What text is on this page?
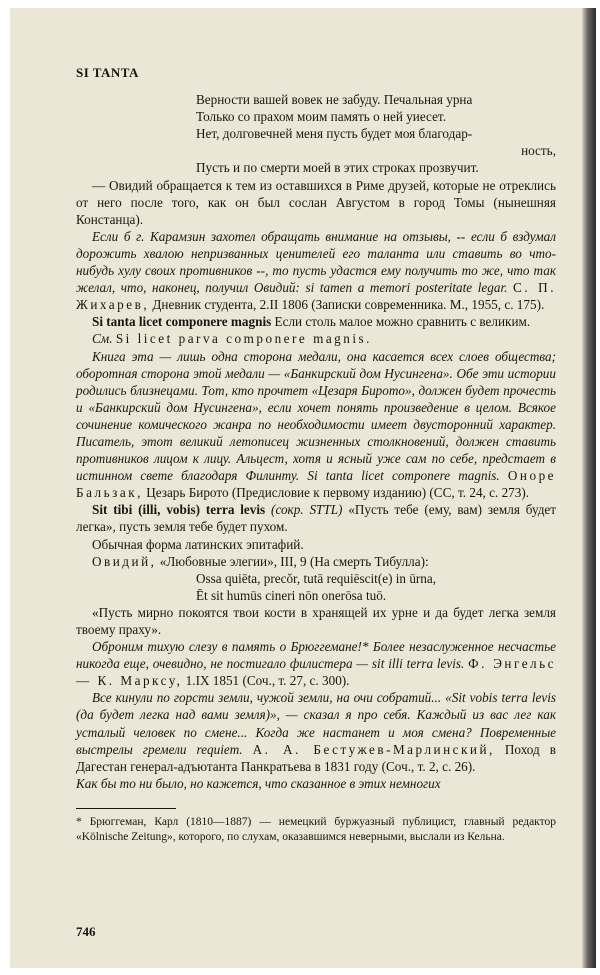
SI TANTA
Верности вашей вовек не забуду. Печальная урна
Только со прахом моим память о ней уиесет.
Нет, долговечней меня пусть будет моя благодар-
ность,
Пусть и по смерти моей в этих строках прозвучит.

— Овидий обращается к тем из оставшихся в Риме друзей, которые не отреклись от него после того, как он был сослан Августом в город Томы (нынешняя Констанца).

Если б г. Карамзин захотел обращать внимание на отзывы, -- если б вздумал дорожить хвалою непризванных ценителей его таланта или ставить во что-нибудь хулу своих противников --, то пусть удастся ему получить то же, что так желал, что, наконец, получил Овидий: si tamen a memori posteritate legar. С. П. Жихарев, Дневник студента, 2.II 1806 (Записки современника. М., 1955, с. 175).

Si tanta licet componere magnis Если столь малое можно сравнить с великим.

См. Si licet parva componere magnis.

Книга эта — лишь одна сторона медали, она касается всех слоев общества; оборотная сторона этой медали — «Банкирский дом Нусингена». Обе эти истории родились близнецами. Тот, кто прочтет «Цезаря Бирото», должен будет прочесть и «Банкирский дом Нусингена», если хочет понять произведение в целом. Всякое сочинение комического жанра по необходимости имеет двусторонний характер. Писатель, этот великий летописец жизненных столкновений, должен ставить противников лицом к лицу. Альцест, хотя и ясный уже сам по себе, предстает в истинном свете благодаря Филинту. Si tanta licet componere magnis. Оноре Бальзак, Цезарь Бирото (Предисловие к первому изданию) (СС, т. 24, с. 273).

Sit tibi (illi, vobis) terra levis (сокр. STTL) «Пусть тебе (ему, вам) земля будет легка», пусть земля тебе будет пухом.

Обычная форма латинских эпитафий.

Овидий, «Любовные элегии», III, 9 (На смерть Тибулла):

Ossa quiēta, precŏr, tutā requiēscit(e) in ūrna,
Ēt sit humūs cineri nōn onerōsa tuō.

«Пусть мирно покоятся твои кости в хранящей их урне и да будет легка земля твоему праху».

Оброним тихую слезу в память о Брюггемане!* Более незаслуженное несчастье никогда еще, очевидно, не постигало филистера — sit illi terra levis. Ф. Энгельс — К. Марксу, 1.IX 1851 (Соч., т. 27, с. 300).

Все кинули по горсти земли, чужой земли, на очи собратий... «Sit vobis terra levis (да будет легка над вами земля)», — сказал я про себя. Каждый из вас лег как усталый человек по смене... Когда же настанет и моя смена? Повременные выстрелы гремели requiem. А. А. Бестужев-Марлинский, Поход в Дагестан генерал-адъютанта Панкратьева в 1831 году (Соч., т. 2, с. 26).

Как бы то ни было, но кажется, что сказанное в этих немногих

* Брюггеман, Карл (1810—1887) — немецкий буржуазный публицист, главный редактор «Kölnische Zeitung», которого, по слухам, оказавшимся неверными, выслали из Кельна.
746
